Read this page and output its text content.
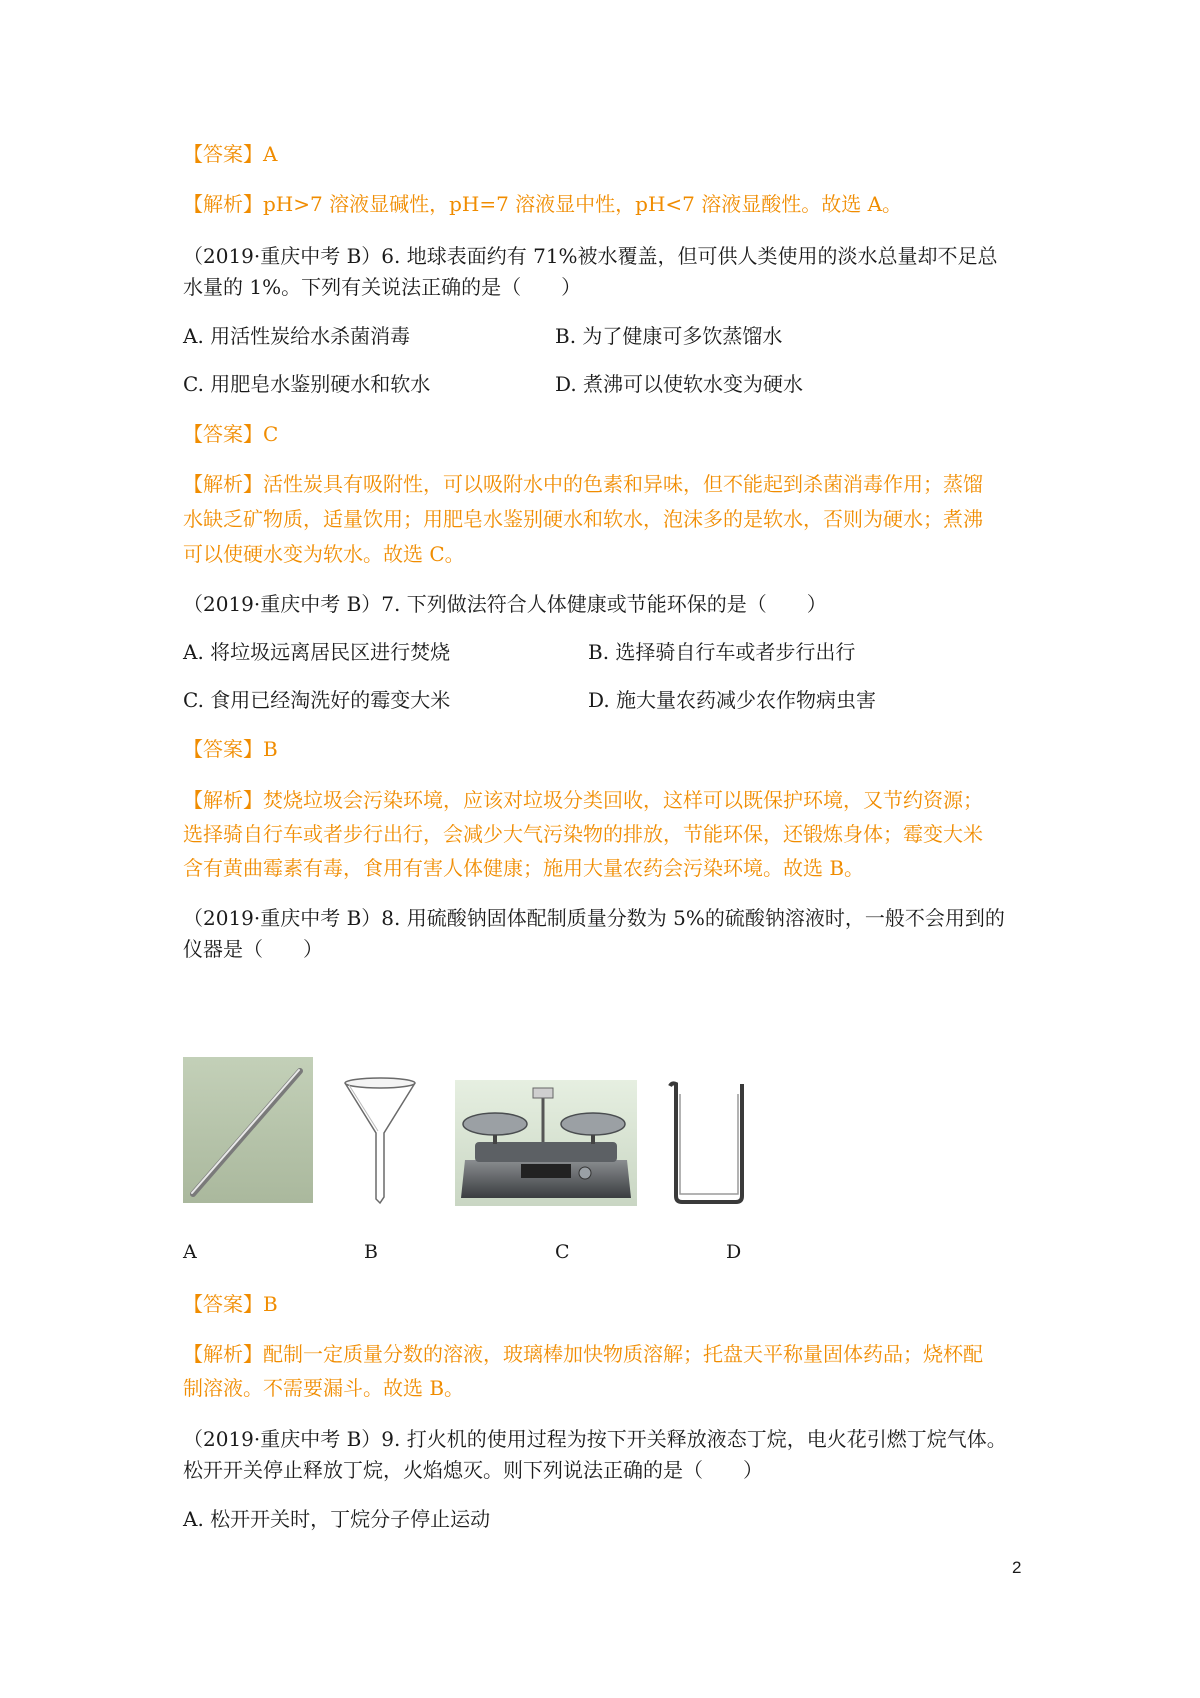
【答案】A
【解析】pH>7 溶液显碱性，pH=7 溶液显中性，pH<7 溶液显酸性。故选 A。
（2019·重庆中考 B）6. 地球表面约有 71%被水覆盖，但可供人类使用的淡水总量却不足总
水量的 1%。下列有关说法正确的是（　　）
A. 用活性炭给水杀菌消毒	B. 为了健康可多饮蒸馏水
C. 用肥皂水鉴别硬水和软水	D. 煮沸可以使软水变为硬水
【答案】C
【解析】活性炭具有吸附性，可以吸附水中的色素和异味，但不能起到杀菌消毒作用；蒸馏
水缺乏矿物质，适量饮用；用肥皂水鉴别硬水和软水，泡沫多的是软水，否则为硬水；煮沸
可以使硬水变为软水。故选 C。
（2019·重庆中考 B）7. 下列做法符合人体健康或节能环保的是（　　）
A. 将垃圾远离居民区进行焚烧	B. 选择骑自行车或者步行出行
C. 食用已经淘洗好的霉变大米	D. 施大量农药减少农作物病虫害
【答案】B
【解析】焚烧垃圾会污染环境，应该对垃圾分类回收，这样可以既保护环境，又节约资源；
选择骑自行车或者步行出行，会减少大气污染物的排放，节能环保，还锻炼身体；霉变大米
含有黄曲霉素有毒，食用有害人体健康；施用大量农药会污染环境。故选 B。
（2019·重庆中考 B）8. 用硫酸钠固体配制质量分数为 5%的硫酸钠溶液时，一般不会用到的
仪器是（　　）
A	B	C	D
【答案】B
【解析】配制一定质量分数的溶液，玻璃棒加快物质溶解；托盘天平称量固体药品；烧杯配
制溶液。不需要漏斗。故选 B。
（2019·重庆中考 B）9. 打火机的使用过程为按下开关释放液态丁烷，电火花引燃丁烷气体。
松开开关停止释放丁烷，火焰熄灭。则下列说法正确的是（　　）
A. 松开开关时，丁烷分子停止运动
2
